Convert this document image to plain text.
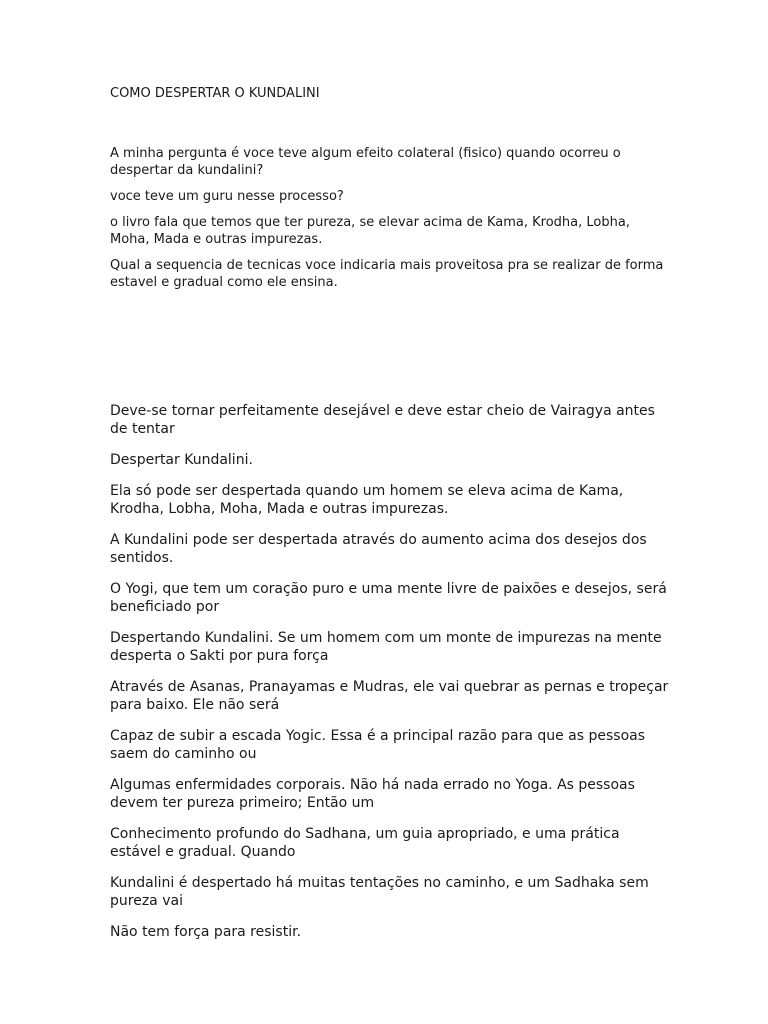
COMO DESPERTAR O KUNDALINI

A minha pergunta é voce teve algum efeito colateral (fisico) quando ocorreu o despertar da kundalini?

voce teve um guru nesse processo?

o livro fala que temos que ter pureza, se elevar acima de Kama, Krodha, Lobha, Moha, Mada e outras impurezas.

Qual a sequencia de tecnicas voce indicaria mais proveitosa pra se realizar de forma estavel e gradual como ele ensina.

Deve-se tornar perfeitamente desejável e deve estar cheio de Vairagya antes de tentar

Despertar Kundalini.

Ela só pode ser despertada quando um homem se eleva acima de Kama, Krodha, Lobha, Moha, Mada e outras impurezas.

A Kundalini pode ser despertada através do aumento acima dos desejos dos sentidos.

O Yogi, que tem um coração puro e uma mente livre de paixões e desejos, será beneficiado por

Despertando Kundalini. Se um homem com um monte de impurezas na mente desperta o Sakti por pura força

Através de Asanas, Pranayamas e Mudras, ele vai quebrar as pernas e tropeçar para baixo. Ele não será

Capaz de subir a escada Yogic. Essa é a principal razão para que as pessoas saem do caminho ou

Algumas enfermidades corporais. Não há nada errado no Yoga. As pessoas devem ter pureza primeiro; Então um

Conhecimento profundo do Sadhana, um guia apropriado, e uma prática estável e gradual. Quando

Kundalini é despertado há muitas tentações no caminho, e um Sadhaka sem pureza vai

Não tem força para resistir.
